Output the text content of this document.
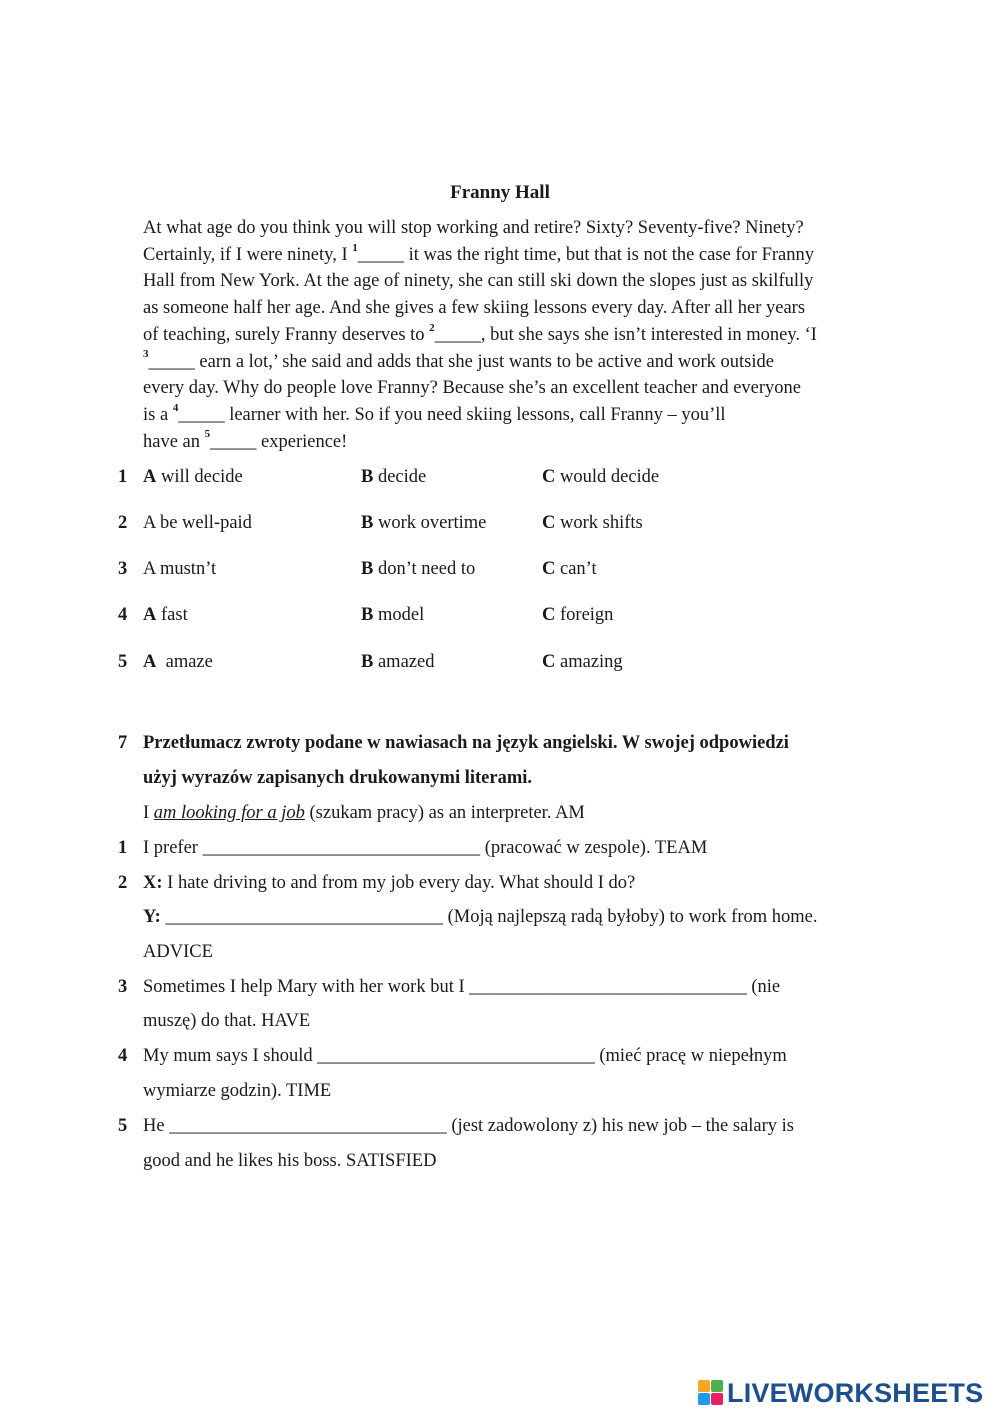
Franny Hall

At what age do you think you will stop working and retire? Sixty? Seventy-five? Ninety?

Certainly, if I were ninety, I $^1$_____ it was the right time, but that is not the case for Franny

Hall from New York. At the age of ninety, she can still ski down the slopes just as skilfully

as someone half her age. And she gives a few skiing lessons every day. After all her years

of teaching, surely Franny deserves to $^2$_____, but she says she isn’t interested in money. ‘I

$^3$_____ earn a lot,’ she said and adds that she just wants to be active and work outside

every day. Why do people love Franny? Because she’s an excellent teacher and everyone

is a $^4$_____ learner with her. So if you need skiing lessons, call Franny – you’ll

have an $^5$_____ experience!

1 A will decide	B decide	C would decide
2 A be well-paid	B work overtime	C work shifts
3 A mustn’t	B don’t need to	C can’t
4 A fast	B model	C foreign
5 A  amaze	B amazed	C amazing
7 Przetłumacz zwroty podane w nawiasach na język angielski. W swojej odpowiedzi
użyj wyrazów zapisanych drukowanymi literami.
I am looking for a job (szukam pracy) as an interpreter. AM
1 I prefer ______________________________ (pracować w zespole). TEAM
2 X: I hate driving to and from my job every day. What should I do?
Y: ______________________________ (Moją najlepszą radą byłoby) to work from home.
ADVICE
3 Sometimes I help Mary with her work but I ______________________________ (nie
muszę) do that. HAVE
4 My mum says I should ______________________________ (mieć pracę w niepełnym
wymiarze godzin). TIME
5 He ______________________________ (jest zadowolony z) his new job – the salary is
good and he likes his boss. SATISFIED
LIVEWORKSHEETS
